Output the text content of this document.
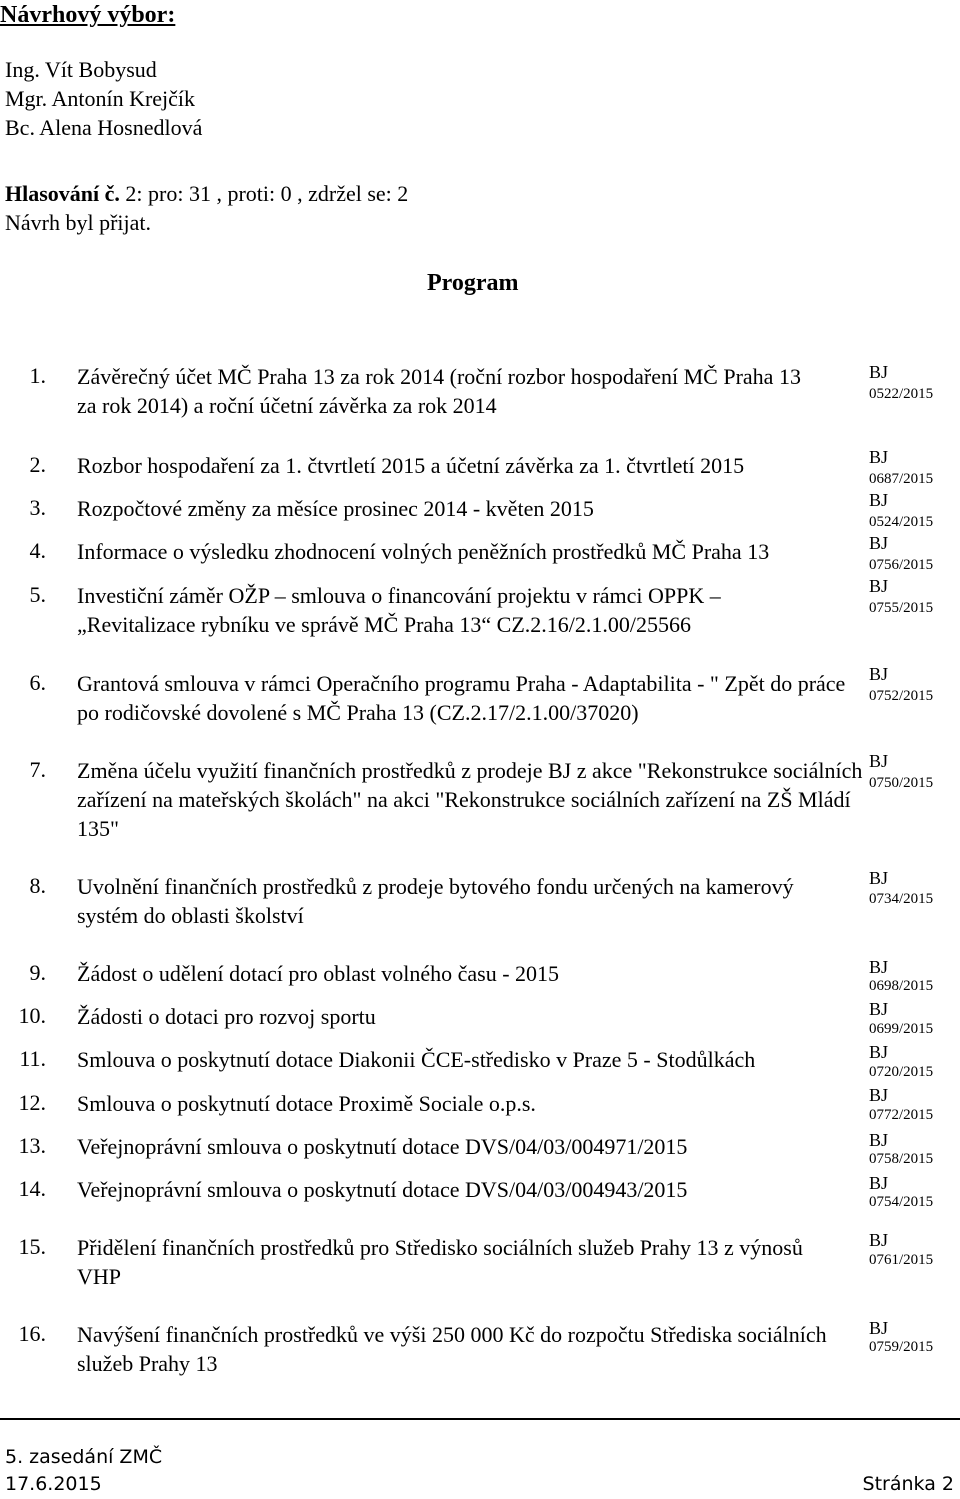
Návrhový výbor:
Ing. Vít Bobysud
Mgr. Antonín Krejčík
Bc. Alena Hosnedlová
Hlasování č. 2: pro: 31 , proti: 0 , zdržel se: 2
Návrh byl přijat.
Program
1. Závěrečný účet MČ Praha 13 za rok 2014 (roční rozbor hospodaření MČ Praha 13 za rok 2014) a roční účetní závěrka za rok 2014
BJ
0522/2015
2. Rozbor hospodaření za 1. čtvrtletí 2015 a účetní závěrka za 1. čtvrtletí 2015	BJ
0687/2015
3. Rozpočtové změny za měsíce prosinec 2014 - květen 2015	BJ
0524/2015
4. Informace o výsledku zhodnocení volných peněžních prostředků MČ Praha 13	BJ
0756/2015
5. Investiční záměr OŽP – smlouva o financování projektu v rámci OPPK – „Revitalizace rybníku ve správě MČ Praha 13“ CZ.2.16/2.1.00/25566
BJ
0755/2015
6. Grantová smlouva v rámci Operačního programu Praha - Adaptabilita - " Zpět do práce po rodičovské dovolené s MČ Praha 13 (CZ.2.17/2.1.00/37020)
BJ
0752/2015
7. Změna účelu využití finančních prostředků z prodeje BJ z akce "Rekonstrukce sociálních zařízení na mateřských školách" na akci "Rekonstrukce sociálních zařízení na ZŠ Mládí 135"
BJ
0750/2015
8. Uvolnění finančních prostředků z prodeje bytového fondu určených na kamerový systém do oblasti školství
BJ
0734/2015
9. Žádost o udělení dotací pro oblast volného času - 2015	BJ
0698/2015
10. Žádosti o dotaci pro rozvoj sportu	BJ
0699/2015
11. Smlouva o poskytnutí dotace Diakonii ČCE-středisko v Praze 5 - Stodůlkách	BJ
0720/2015
12. Smlouva o poskytnutí dotace Proximě Sociale o.p.s.	BJ
0772/2015
13. Veřejnoprávní smlouva o poskytnutí dotace DVS/04/03/004971/2015	BJ
0758/2015
14. Veřejnoprávní smlouva o poskytnutí dotace DVS/04/03/004943/2015	BJ
0754/2015
15. Přidělení finančních prostředků pro Středisko sociálních služeb Prahy 13 z výnosů VHP
BJ
0761/2015
16. Navýšení finančních prostředků ve výši 250 000 Kč do rozpočtu Střediska sociálních služeb Prahy 13
BJ
0759/2015
5. zasedání ZMČ
17.6.2015	Stránka 2
